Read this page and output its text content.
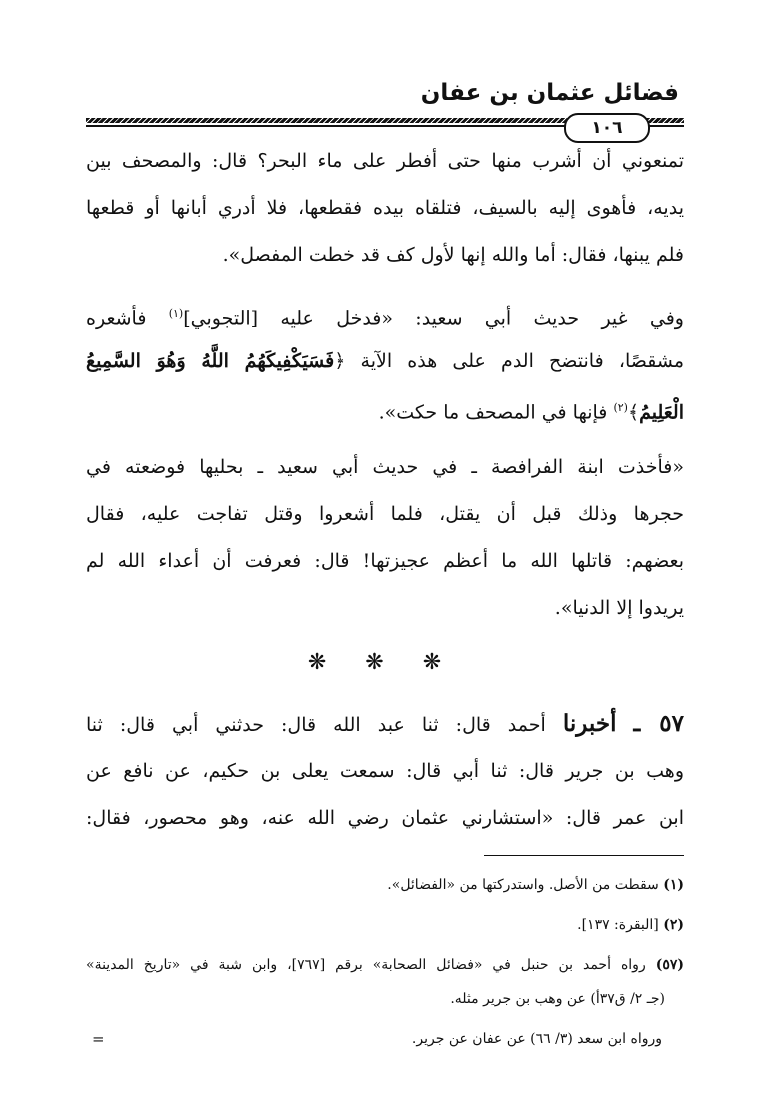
فضائل عثمان بن عفان
١٠٦
تمنعوني أن أشرب منها حتى أفطر على ماء البحر؟ قال: والمصحف بين
يديه، فأهوى إليه بالسيف، فتلقاه بيده فقطعها، فلا أدري أبانها أو قطعها
فلم يبنها، فقال: أما والله إنها لأول كف قد خطت المفصل».
وفي غير حديث أبي سعيد: «فدخل عليه [التجوبي]$^{(١)}$ فأشعره
مشقصًا، فانتضح الدم على هذه الآية ﴿فَسَيَكْفِيكَهُمُ اللَّهُ وَهُوَ السَّمِيعُ
الْعَلِيمُ﴾$^{(٢)}$ فإنها في المصحف ما حكت».
«فأخذت ابنة الفرافصة ـ في حديث أبي سعيد ـ بحليها فوضعته في
حجرها وذلك قبل أن يقتل، فلما أشعروا وقتل تفاجت عليه، فقال
بعضهم: قاتلها الله ما أعظم عجيزتها! قال: فعرفت أن أعداء الله لم
يريدوا إلا الدنيا».
❋ ❋ ❋
٥٧ ـ أخبرنا أحمد قال: ثنا عبد الله قال: حدثني أبي قال: ثنا
وهب بن جرير قال: ثنا أبي قال: سمعت يعلى بن حكيم، عن نافع عن
ابن عمر قال: «استشارني عثمان رضي الله عنه، وهو محصور، فقال:
(١) سقطت من الأصل. واستدركتها من «الفضائل».
(٢) [البقرة: ١٣٧].
(٥٧) رواه أحمد بن حنبل في «فضائل الصحابة» برقم [٧٦٧]، وابن شبة في «تاريخ المدينة»
(جـ ٢/ ق٣٧أ) عن وهب بن جرير مثله.
ورواه ابن سعد (٣/ ٦٦) عن عفان عن جرير.
=
